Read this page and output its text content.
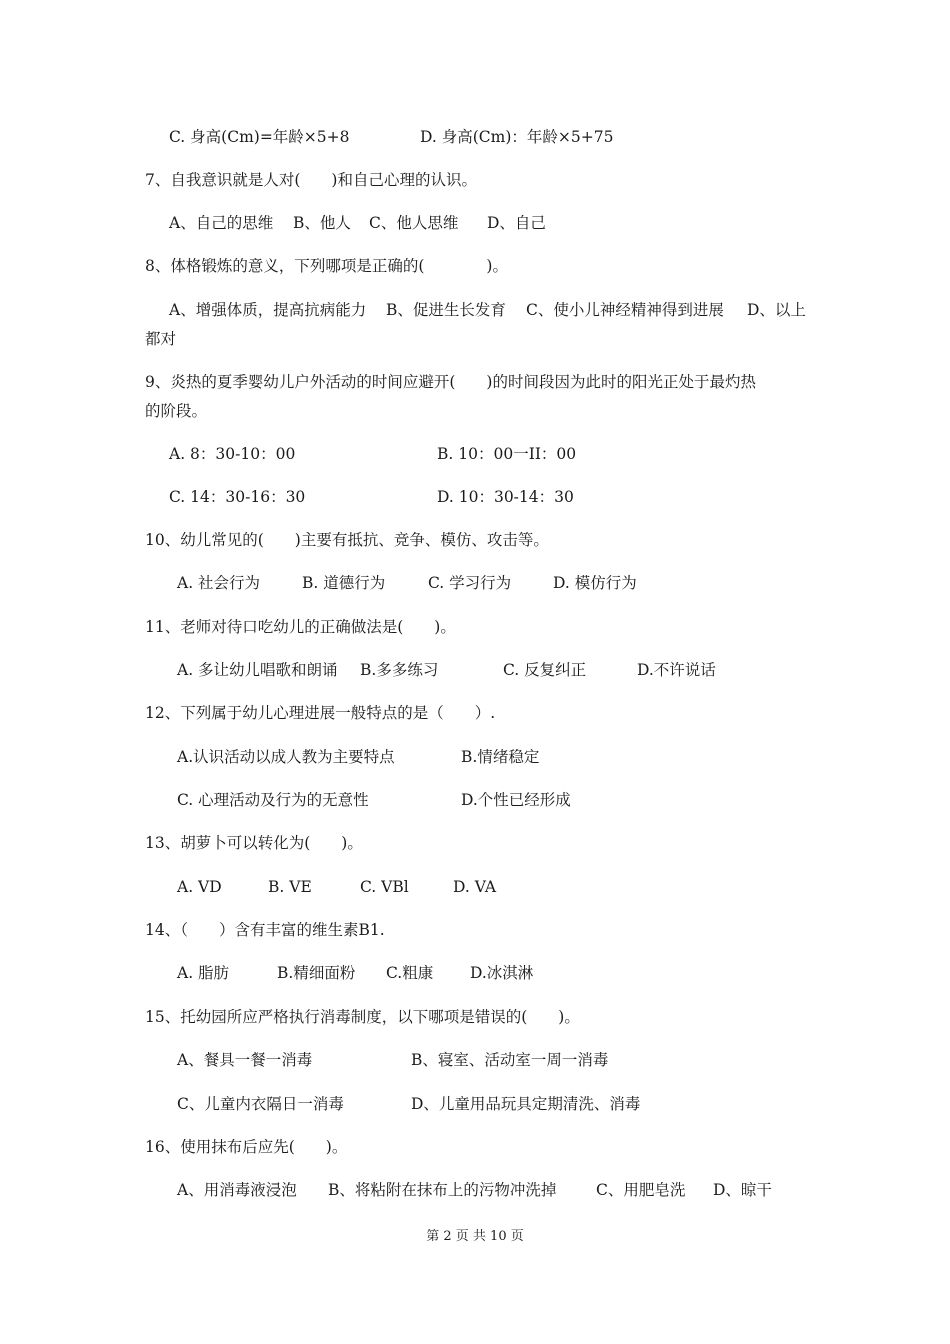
C. 身高(Cm)=年龄×5+8	D. 身高(Cm)：年龄×5+75
7、自我意识就是人对(　　)和自己心理的认识。
A、自己的思维 B、他人 C、他人思维 D、自己
8、体格锻炼的意义，下列哪项是正确的(　　　　)。
A、增强体质，提高抗病能力 B、促进生长发育 C、使小儿神经精神得到进展 D、以上
都对
9、炎热的夏季婴幼儿户外活动的时间应避开(　　)的时间段因为此时的阳光正处于最灼热
的阶段。
A. 8：30-10：00	B. 10：00一II：00
C. 14：30-16：30	D. 10：30-14：30
10、幼儿常见的(　　)主要有抵抗、竞争、模仿、攻击等。
A. 社会行为	B. 道德行为	C. 学习行为	D. 模仿行为
11、老师对待口吃幼儿的正确做法是(　　)。
A. 多让幼儿唱歌和朗诵 B.多多练习	C. 反复纠正	D.不许说话
12、下列属于幼儿心理进展一般特点的是（　　）.
A.认识活动以成人教为主要特点	B.情绪稳定
C. 心理活动及行为的无意性	D.个性已经形成
13、胡萝卜可以转化为(　　)。
A. VD	B. VE	C. VBl	D. VA
14、（　　）含有丰富的维生素B1.
A. 脂肪	B.精细面粉 C.粗康 D.冰淇淋
15、托幼园所应严格执行消毒制度，以下哪项是错误的(　　)。
A、餐具一餐一消毒	B、寝室、活动室一周一消毒
C、儿童内衣隔日一消毒	D、儿童用品玩具定期清洗、消毒
16、使用抹布后应先(　　)。
A、用消毒液浸泡 B、将粘附在抹布上的污物冲洗掉	C、用肥皂洗 D、晾干
第 2 页 共 10 页
